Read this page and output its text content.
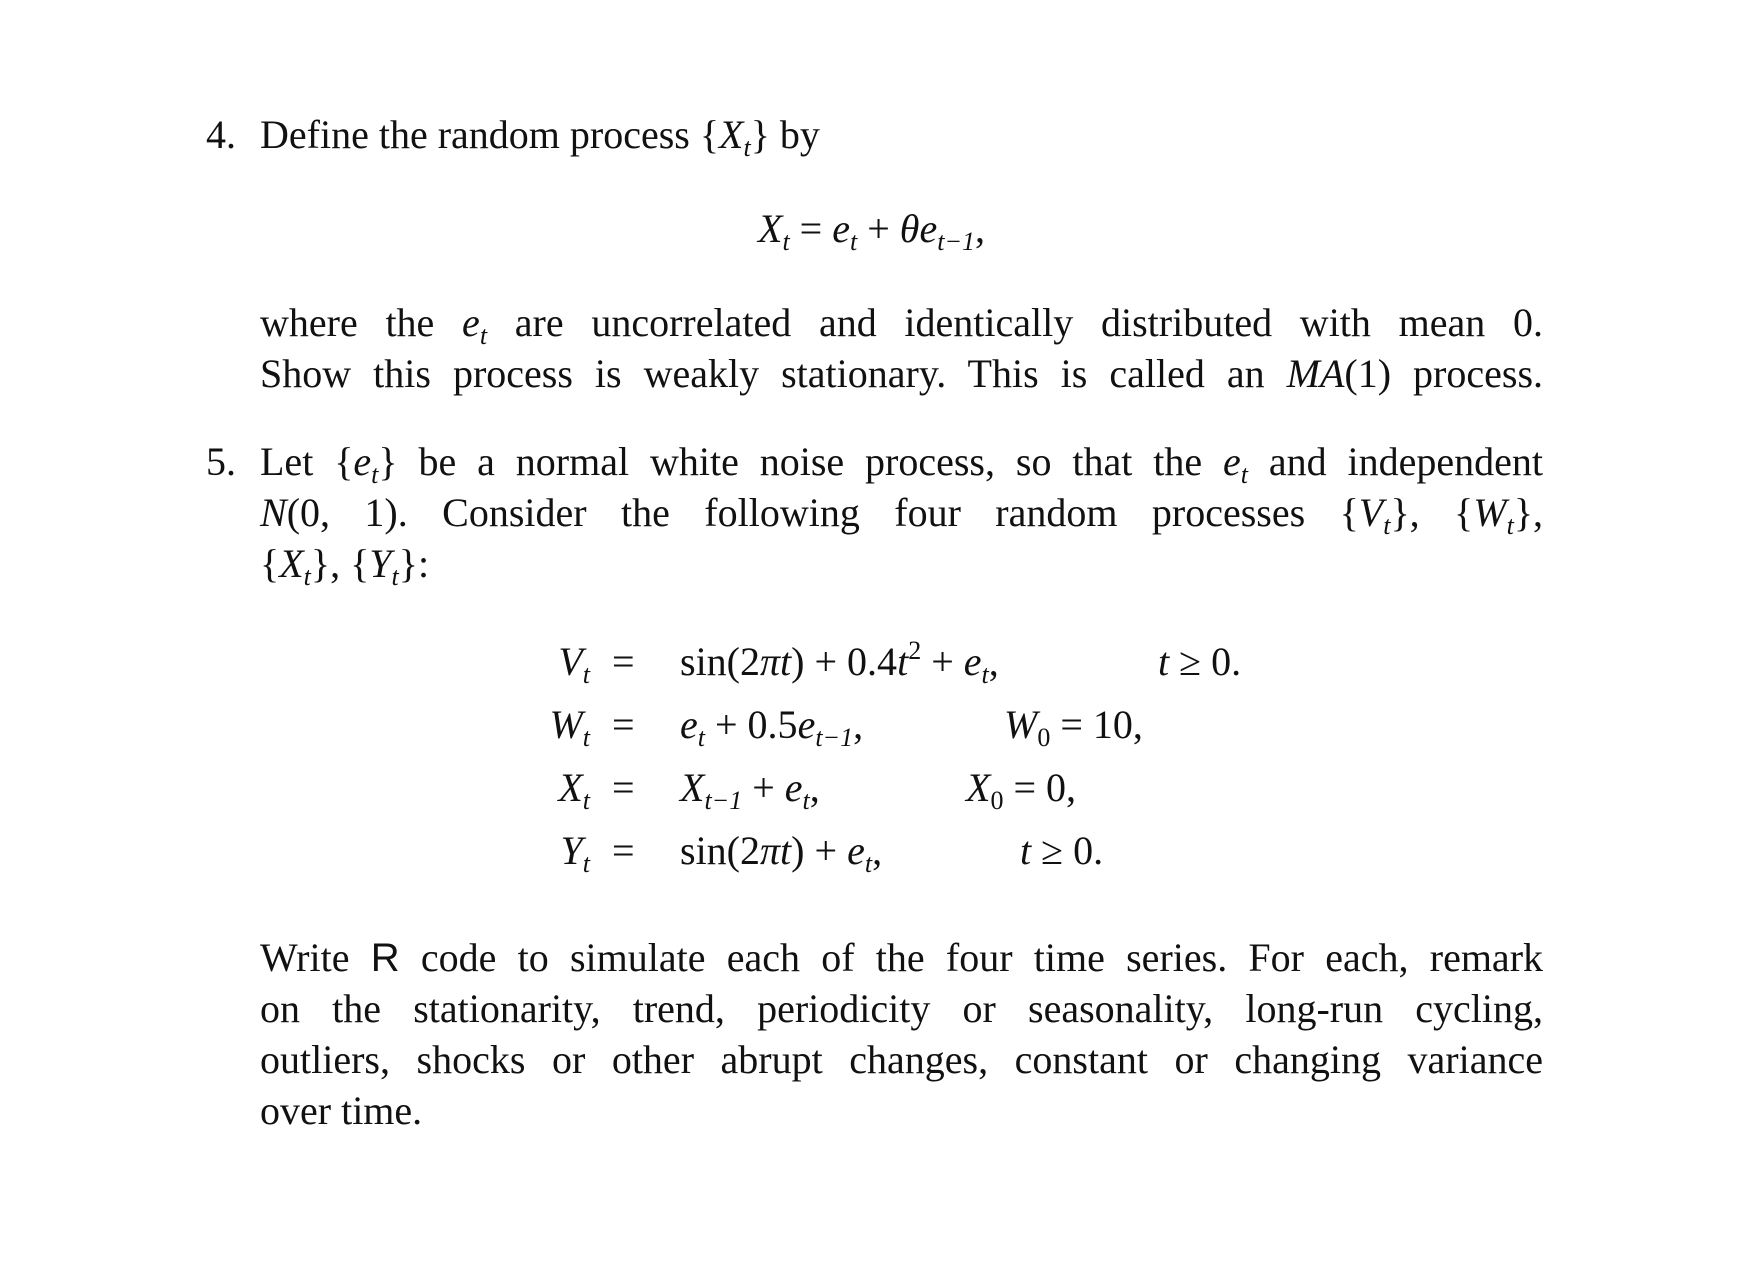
4. Define the random process $\{X_t\}$ by
$X_t = e_t + \theta e_{t-1}$,
where the $e_t$ are uncorrelated and identically distributed with mean 0.
Show this process is weakly stationary. This is called an MA(1) process.
5. Let $\{e_t\}$ be a normal white noise process, so that the $e_t$ and independent
N(0, 1). Consider the following four random processes $\{V_t\}$, $\{W_t\}$,
$\{X_t\}$, $\{Y_t\}$:
$V_t = \sin(2\pi t) + 0.4t^2 + e_t$,	t ≥ 0.
$W_t = e_t + 0.5e_{t-1}$,	$W_0 = 10$,
$X_t = X_{t-1} + e_t$,	$X_0 = 0$,
$Y_t = \sin(2\pi t) + e_t$,	t ≥ 0.
Write R code to simulate each of the four time series. For each, remark
on the stationarity, trend, periodicity or seasonality, long-run cycling,
outliers, shocks or other abrupt changes, constant or changing variance
over time.
